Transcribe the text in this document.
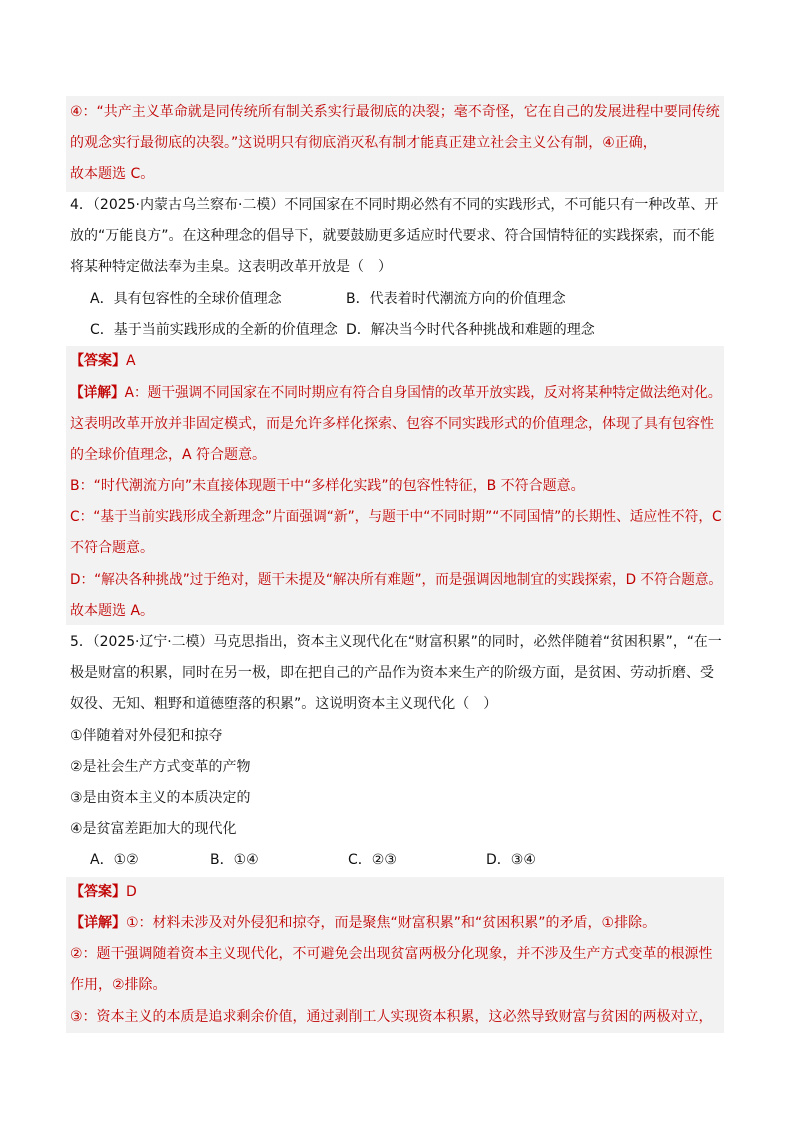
④：“共产主义革命就是同传统所有制关系实行最彻底的决裂；毫不奇怪，它在自己的发展进程中要同传统
的观念实行最彻底的决裂。”这说明只有彻底消灭私有制才能真正建立社会主义公有制，④正确，
故本题选 C。
4．（2025·内蒙古乌兰察布·二模）不同国家在不同时期必然有不同的实践形式，不可能只有一种改革、开
放的“万能良方”。在这种理念的倡导下，就要鼓励更多适应时代要求、符合国情特征的实践探索，而不能
将某种特定做法奉为圭臬。这表明改革开放是（　）
A．具有包容性的全球价值理念	B．代表着时代潮流方向的价值理念
C．基于当前实践形成的全新的价值理念 D．解决当今时代各种挑战和难题的理念
【答案】A
【详解】A：题干强调不同国家在不同时期应有符合自身国情的改革开放实践，反对将某种特定做法绝对化。
这表明改革开放并非固定模式，而是允许多样化探索、包容不同实践形式的价值理念，体现了具有包容性
的全球价值理念，A 符合题意。
B：“时代潮流方向”未直接体现题干中“多样化实践”的包容性特征，B 不符合题意。
C：“基于当前实践形成全新理念”片面强调“新”，与题干中“不同时期”“不同国情”的长期性、适应性不符，C
不符合题意。
D：“解决各种挑战”过于绝对，题干未提及“解决所有难题”，而是强调因地制宜的实践探索，D 不符合题意。
故本题选 A。
5．（2025·辽宁·二模）马克思指出，资本主义现代化在“财富积累”的同时，必然伴随着“贫困积累”，“在一
极是财富的积累，同时在另一极，即在把自己的产品作为资本来生产的阶级方面，是贫困、劳动折磨、受
奴役、无知、粗野和道德堕落的积累”。这说明资本主义现代化（　）
①伴随着对外侵犯和掠夺
②是社会生产方式变革的产物
③是由资本主义的本质决定的
④是贫富差距加大的现代化
A．①②	B．①④	C．②③	D．③④
【答案】D
【详解】①：材料未涉及对外侵犯和掠夺，而是聚焦“财富积累”和“贫困积累”的矛盾，①排除。
②：题干强调随着资本主义现代化，不可避免会出现贫富两极分化现象，并不涉及生产方式变革的根源性
作用，②排除。
③：资本主义的本质是追求剩余价值，通过剥削工人实现资本积累，这必然导致财富与贫困的两极对立，
